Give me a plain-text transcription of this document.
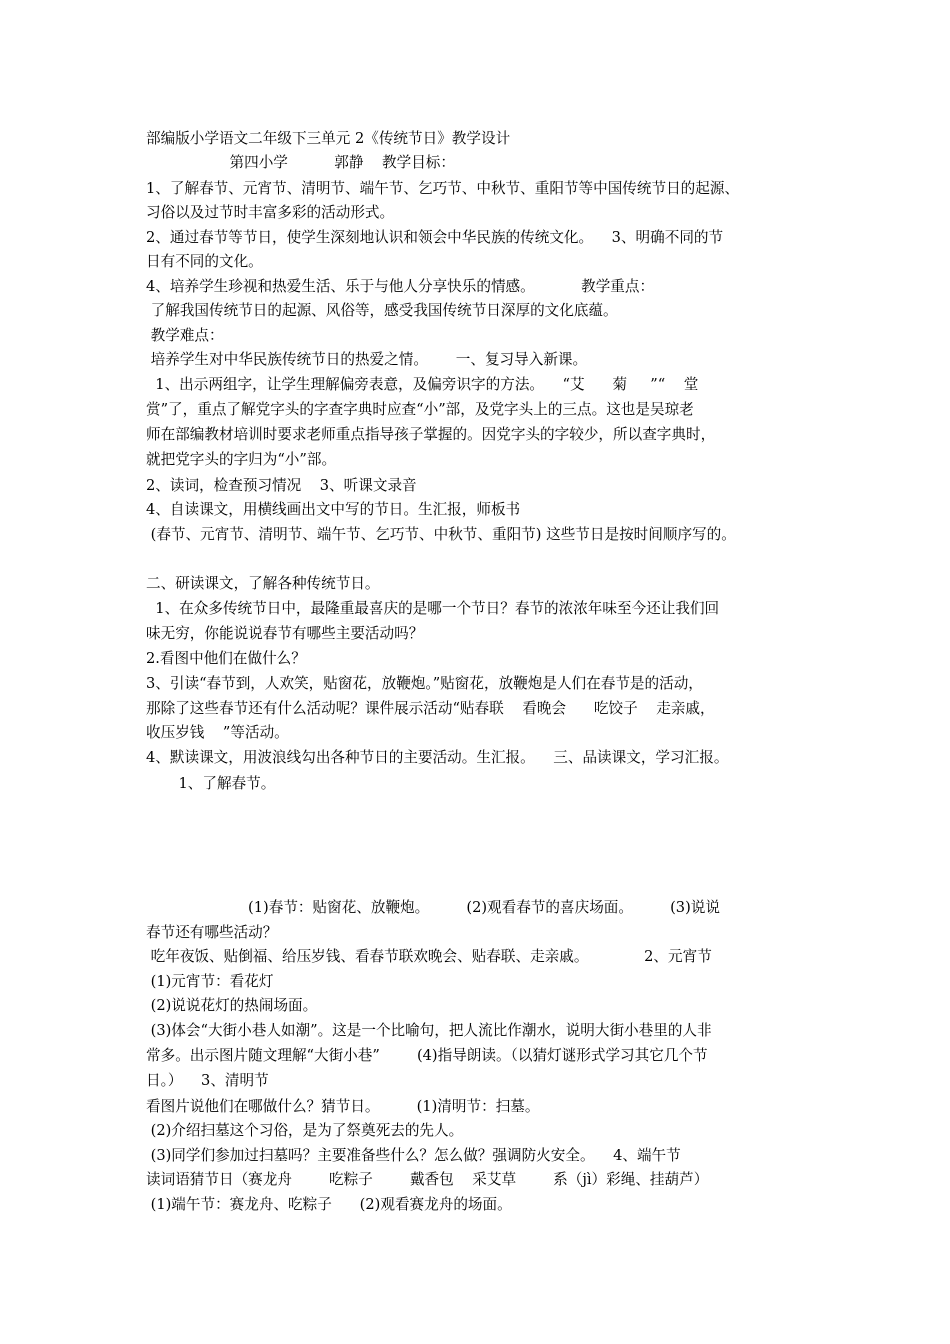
部编版小学语文二年级下三单元 2《传统节日》教学设计
第四小学          郭静    教学目标：
1、了解春节、元宵节、清明节、端午节、乞巧节、中秋节、重阳节等中国传统节日的起源、
习俗以及过节时丰富多彩的活动形式。
2、通过春节等节日，使学生深刻地认识和领会中华民族的传统文化。    3、明确不同的节
日有不同的文化。
4、培养学生珍视和热爱生活、乐于与他人分享快乐的情感。          教学重点：
了解我国传统节日的起源、风俗等，感受我国传统节日深厚的文化底蕴。
教学难点：
培养学生对中华民族传统节日的热爱之情。      一、复习导入新课。
1、出示两组字，让学生理解偏旁表意，及偏旁识字的方法。    “艾      菊     ”“    堂
赏”了，重点了解党字头的字查字典时应查“小”部，及党字头上的三点。这也是吴琼老
师在部编教材培训时要求老师重点指导孩子掌握的。因党字头的字较少，所以查字典时，
就把党字头的字归为“小”部。
2、读词，检查预习情况    3、听课文录音
4、自读课文，用横线画出文中写的节日。生汇报，师板书
(春节、元宵节、清明节、端午节、乞巧节、中秋节、重阳节) 这些节日是按时间顺序写的。
二、研读课文，了解各种传统节日。
1、在众多传统节日中，最隆重最喜庆的是哪一个节日？春节的浓浓年味至今还让我们回
味无穷，你能说说春节有哪些主要活动吗？
2.看图中他们在做什么？
3、引读“春节到，人欢笑，贴窗花，放鞭炮。”贴窗花，放鞭炮是人们在春节是的活动，
那除了这些春节还有什么活动呢？课件展示活动“贴春联    看晚会      吃饺子    走亲戚，
收压岁钱    ”等活动。
4、默读课文，用波浪线勾出各种节日的主要活动。生汇报。    三、品读课文，学习汇报。
1、了解春节。
(1)春节：贴窗花、放鞭炮。        (2)观看春节的喜庆场面。        (3)说说
春节还有哪些活动？
吃年夜饭、贴倒福、给压岁钱、看春节联欢晚会、贴春联、走亲戚。            2、元宵节
(1)元宵节：看花灯
(2)说说花灯的热闹场面。
(3)体会“大街小巷人如潮”。这是一个比喻句，把人流比作潮水，说明大街小巷里的人非
常多。出示图片随文理解“大街小巷”        (4)指导朗读。（以猜灯谜形式学习其它几个节
日。）    3、清明节
看图片说他们在哪做什么？猜节日。        (1)清明节：扫墓。
(2)介绍扫墓这个习俗，是为了祭奠死去的先人。
(3)同学们参加过扫墓吗？主要准备些什么？怎么做？强调防火安全。    4、端午节
读词语猜节日（赛龙舟        吃粽子        戴香包    采艾草        系（jì）彩绳、挂葫芦）
(1)端午节：赛龙舟、吃粽子      (2)观看赛龙舟的场面。
